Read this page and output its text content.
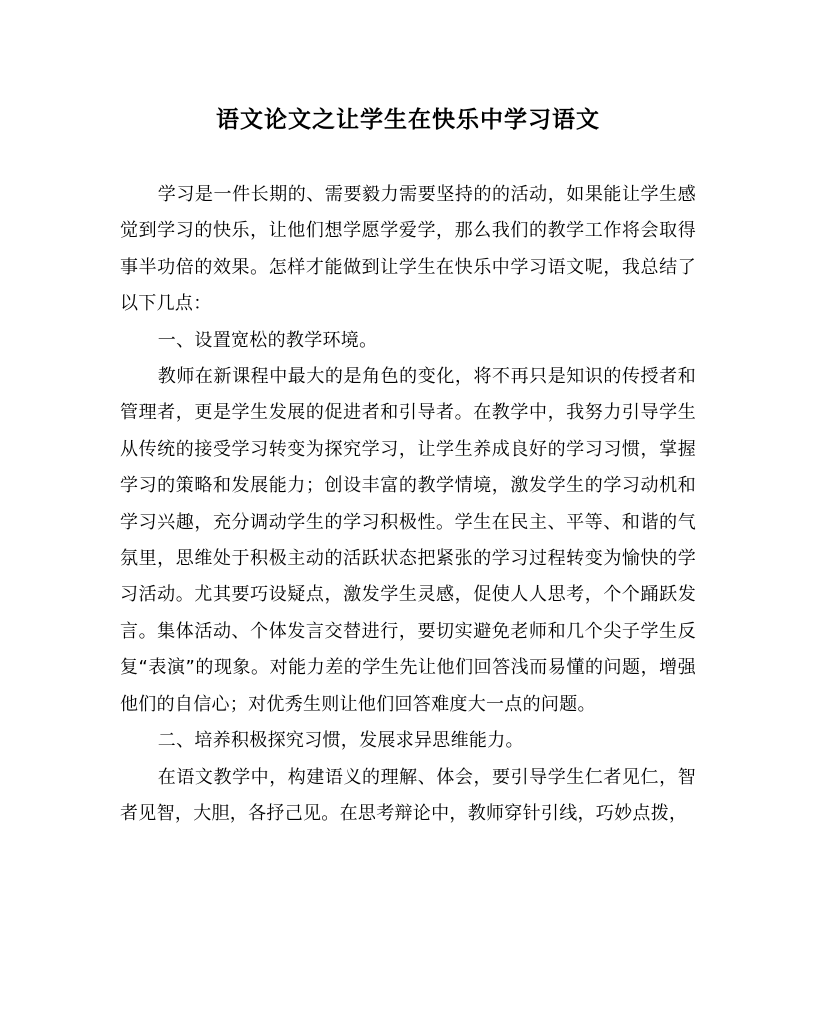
语文论文之让学生在快乐中学习语文

学习是一件长期的、需要毅力需要坚持的的活动，如果能让学生感觉到学习的快乐，让他们想学愿学爱学，那么我们的教学工作将会取得事半功倍的效果。怎样才能做到让学生在快乐中学习语文呢，我总结了以下几点：

一、设置宽松的教学环境。

教师在新课程中最大的是角色的变化，将不再只是知识的传授者和管理者，更是学生发展的促进者和引导者。在教学中，我努力引导学生从传统的接受学习转变为探究学习，让学生养成良好的学习习惯，掌握学习的策略和发展能力；创设丰富的教学情境，激发学生的学习动机和学习兴趣，充分调动学生的学习积极性。学生在民主、平等、和谐的气氛里，思维处于积极主动的活跃状态把紧张的学习过程转变为愉快的学习活动。尤其要巧设疑点，激发学生灵感，促使人人思考，个个踊跃发言。集体活动、个体发言交替进行，要切实避免老师和几个尖子学生反复“表演”的现象。对能力差的学生先让他们回答浅而易懂的问题，增强他们的自信心；对优秀生则让他们回答难度大一点的问题。

二、培养积极探究习惯，发展求异思维能力。

在语文教学中，构建语义的理解、体会，要引导学生仁者见仁，智者见智，大胆，各抒己见。在思考辩论中，教师穿针引线，巧妙点拨，
